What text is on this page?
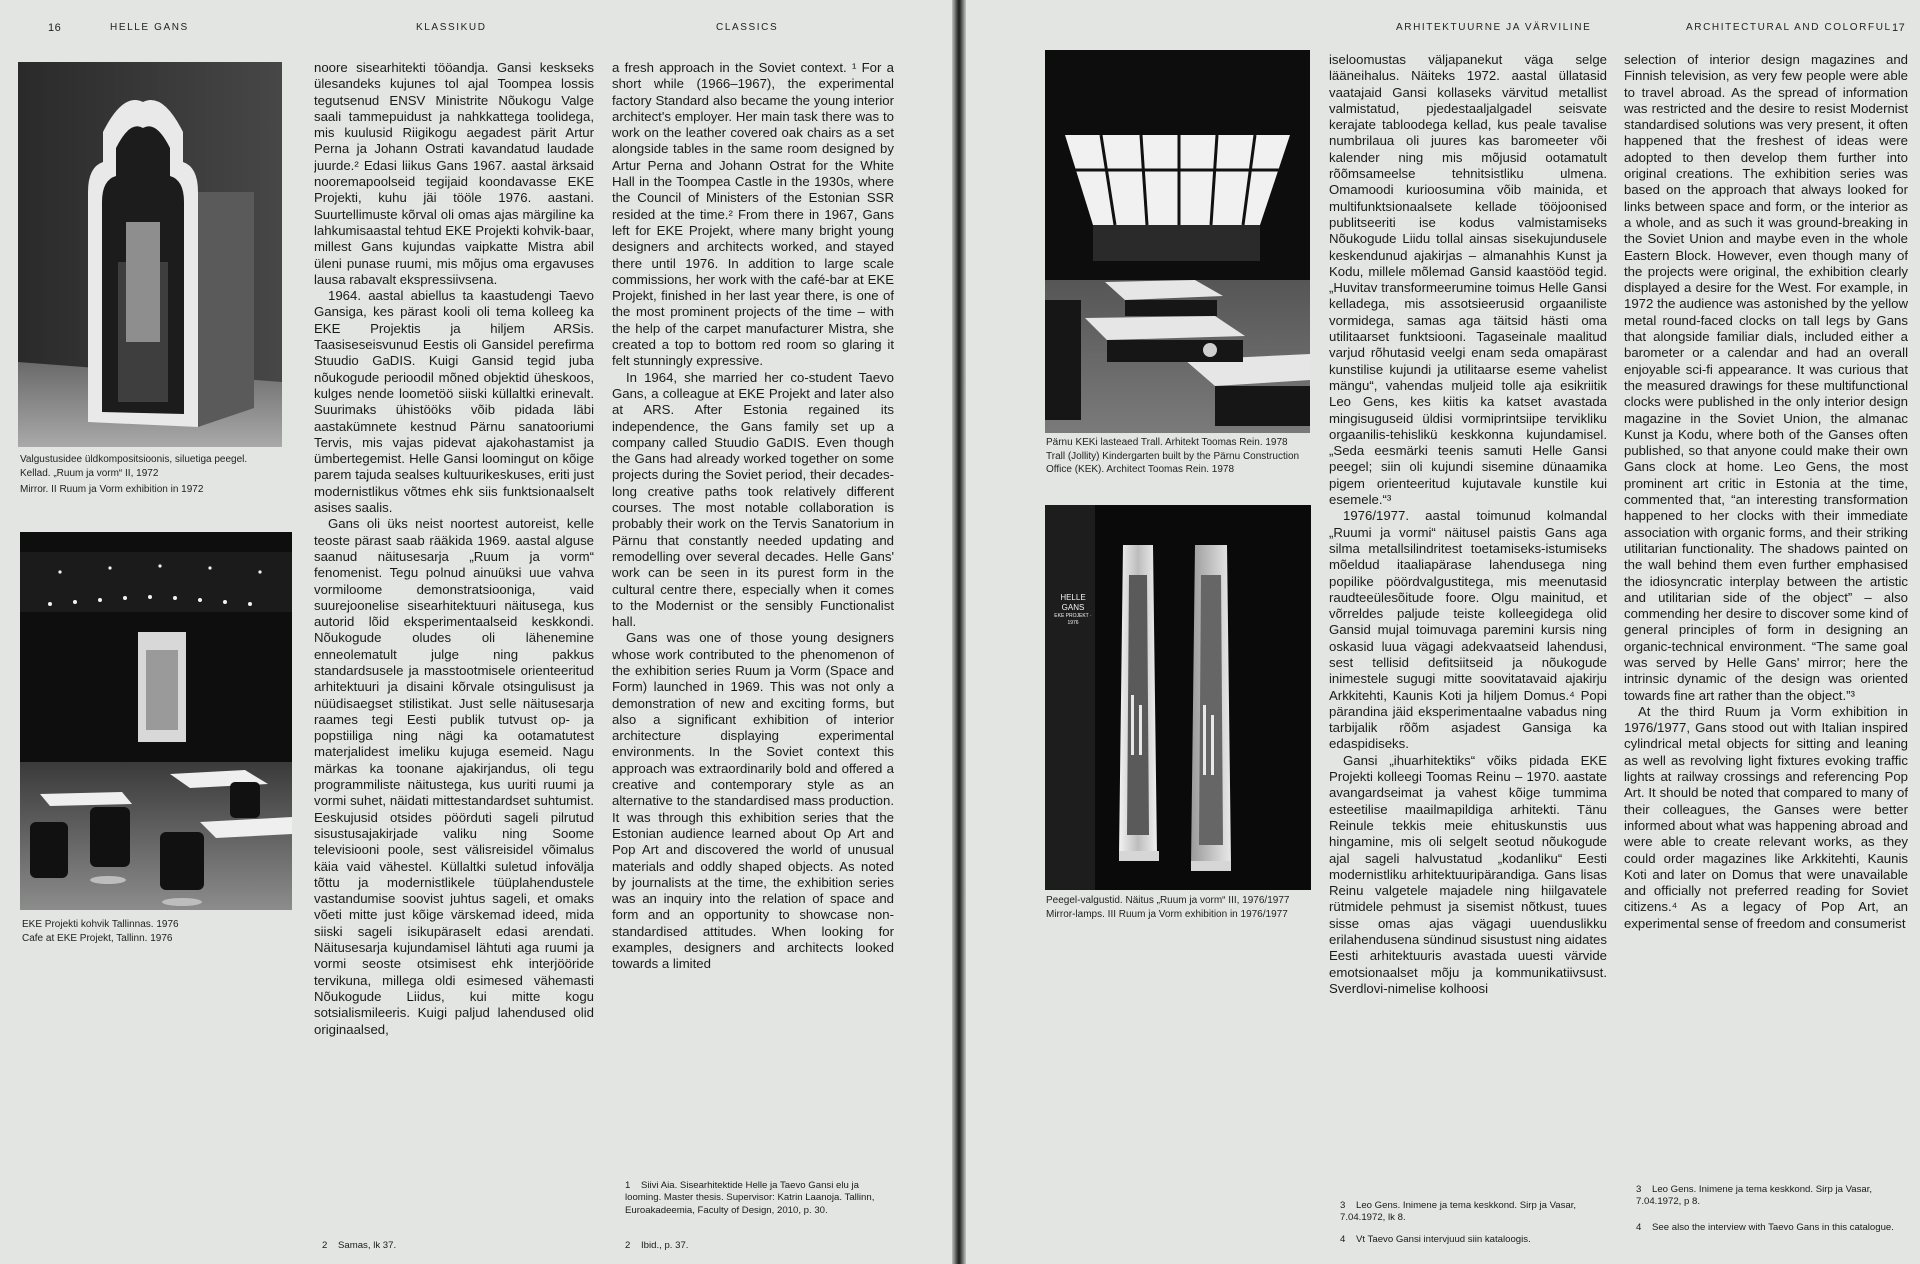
16	HELLE GANS	KLASSIKUD	CLASSICS
Valgustusidee üldkompositsioonis, siluetiga peegel.
Kellad. „Ruum ja vorm“ II, 1972
Mirror. II Ruum ja Vorm exhibition in 1972
EKE Projekti kohvik Tallinnas. 1976
Cafe at EKE Projekt, Tallinn. 1976

noore sisearhitekti tööandja. Gansi keskseks ülesandeks kujunes tol ajal Toompea lossis tegutsenud ENSV Ministrite Nõukogu Valge saali tammepuidust ja nahkkattega toolidega, mis kuulusid Riigikogu aegadest pärit Artur Perna ja Johann Ostrati kavandatud laudade juurde.² Edasi liikus Gans 1967. aastal ärksaid nooremapoolseid tegijaid koondavasse EKE Projekti, kuhu jäi tööle 1976. aastani. Suurtellimuste kõrval oli omas ajas märgiline ka lahkumisaastal tehtud EKE Projekti kohvik-baar, millest Gans kujundas vaipkatte Mistra abil üleni punase ruumi, mis mõjus oma ergavuses lausa rabavalt ekspressiivsena.

1964. aastal abiellus ta kaastudengi Taevo Gansiga, kes pärast kooli oli tema kolleeg ka EKE Projektis ja hiljem ARSis. Taasiseseisvunud Eestis oli Gansidel pereﬁrma Stuudio GaDIS. Kuigi Gansid tegid juba nõukogude perioodil mõned objektid üheskoos, kulges nende loometöö siiski küllaltki erinevalt. Suurimaks ühistööks võib pidada läbi aastakümnete kestnud Pärnu sanatooriumi Tervis, mis vajas pidevat ajakohastamist ja ümbertegemist. Helle Gansi loomingut on kõige parem tajuda sealses kultuurikeskuses, eriti just modernistlikus võtmes ehk siis funktsionaalselt asises saalis.

Gans oli üks neist noortest autoreist, kelle teoste pärast saab rääkida 1969. aastal alguse saanud näitusesarja „Ruum ja vorm“ fenomenist. Tegu polnud ainuüksi uue vahva vormiloome demonstratsiooniga, vaid suurejoonelise sisearhitektuuri näitusega, kus autorid lõid eksperimentaalseid keskkondi. Nõukogude oludes oli lähenemine enneolematult julge ning pakkus standardsusele ja masstootmisele orienteeritud arhitektuuri ja disaini kõrvale otsingulisust ja nüüdisaegset stilistikat. Just selle näitusesarja raames tegi Eesti publik tutvust op- ja popstiiliga ning nägi ka ootamatutest materjalidest imeliku kujuga esemeid. Nagu märkas ka toonane ajakirjandus, oli tegu programmiliste näitustega, kus uuriti ruumi ja vormi suhet, näidati mittestandardset suhtumist. Eeskujusid otsides pöörduti sageli pilrutud sisustusajakirjade valiku ning Soome televisiooni poole, sest välisreisidel võimalus käia vaid vähestel. Küllaltki suletud infoväljа tõttu ja modernistlikele tüüplahendustele vastandumise soovist juhtus sageli, et omaks võeti mitte just kõige värskemad ideed, mida siiski sageli isikupäraselt edasi arendati. Näitusesarja kujundamisel lähtuti aga ruumi ja vormi seoste otsimisest ehk interjööride tervikuna, millega oldi esimesed vähemasti Nõukogude Liidus, kui mitte kogu sotsialismileeris. Kuigi paljud lahendused olid originaalsed,

2 Samas, lk 37.

a fresh approach in the Soviet context. ¹ For a short while (1966–1967), the experimental factory Standard also became the young interior architect's employer. Her main task there was to work on the leather covered oak chairs as a set alongside tables in the same room designed by Artur Perna and Johann Ostrat for the White Hall in the Toompea Castle in the 1930s, where the Council of Ministers of the Estonian SSR resided at the time.² From there in 1967, Gans left for EKE Projekt, where many bright young designers and architects worked, and stayed there until 1976. In addition to large scale commissions, her work with the café-bar at EKE Projekt, ﬁnished in her last year there, is one of the most prominent projects of the time – with the help of the carpet manufacturer Mistra, she created a top to bottom red room so glaring it felt stunningly expressive.

In 1964, she married her co-student Taevo Gans, a colleague at EKE Projekt and later also at ARS. After Estonia regained its independence, the Gans family set up a company called Stuudio GaDIS. Even though the Gans had already worked together on some projects during the Soviet period, their decades-long creative paths took relatively different courses. The most notable collaboration is probably their work on the Tervis Sanatorium in Pärnu that constantly needed updating and remodelling over several decades. Helle Gans' work can be seen in its purest form in the cultural centre there, especially when it comes to the Modernist or the sensibly Functionalist hall.

Gans was one of those young designers whose work contributed to the phenomenon of the exhibition series Ruum ja Vorm (Space and Form) launched in 1969. This was not only a demonstration of new and exciting forms, but also a signiﬁcant exhibition of interior architecture displaying experimental environments. In the Soviet context this approach was extraordinarily bold and offered a creative and contemporary style as an alternative to the standardised mass production. It was through this exhibition series that the Estonian audience learned about Op Art and Pop Art and discovered the world of unusual materials and oddly shaped objects. As noted by journalists at the time, the exhibition series was an inquiry into the relation of space and form and an opportunity to showcase non-standardised attitudes. When looking for examples, designers and architects looked towards a limited

1 Siivi Aia. Sisearhitektide Helle ja Taevo Gansi elu ja looming. Master thesis. Supervisor: Katrin Laanoja. Tallinn, Euroakadeemia, Faculty of Design, 2010, p. 30.
2 Ibid., p. 37.
ARHITEKTUURNE JA VÄRVILINE	ARCHITECTURAL AND COLORFUL 17
Pärnu KEKi lasteaed Trall. Arhitekt Toomas Rein. 1978
Trall (Jollity) Kindergarten built by the Pärnu Construction
Office (KEK). Architect Toomas Rein. 1978
HELLE GANS
EKE PROJEKT · 1976
Peegel-valgustid. Näitus „Ruum ja vorm“ III, 1976/1977
Mirror-lamps. III Ruum ja Vorm exhibition in 1976/1977

iseloomustas väljapanekut väga selge lääneihalus. Näiteks 1972. aastal üllatasid vaatajaid Gansi kollaseks värvitud metallist valmistatud, pjedestaaljalgadel seisvate kerajate tabloodega kellad, kus peale tavalise numbrilaua oli juures kas baromeeter või kalender ning mis mõjusid ootamatult rõõmsameelse tehnitsistliku ulmena. Omamoodi kurioosumina võib mainida, et multifunktsionaalsete kellade tööjoonised publitseeriti ise kodus valmistamiseks Nõukogude Liidu tollal ainsas sisekujundusele keskendunud ajakirjas – almanahhis Kunst ja Kodu, millele mõlemad Gansid kaastööd tegid. „Huvitav transformeerumine toimus Helle Gansi kelladega, mis assotsieerusid orgaaniliste vormidega, samas aga täitsid hästi oma utilitaarset funktsiooni. Tagaseinale maalitud varjud rõhutasid veelgi enam seda omapärast kunstilise kujundi ja utilitaarse eseme vahelist mängu“, vahendas muljeid tolle aja esikriitik Leo Gens, kes kiitis ka katset avastada mingisuguseid üldisi vormiprintsiipe tervikliku orgaanilis-tehislikü keskkonna kujundamisel. „Seda eesmärki teenis samuti Helle Gansi peegel; siin oli kujundi sisemine dünaamika pigem orienteeritud kujutavale kunstile kui esemele.“³

1976/1977. aastal toimunud kolmandal „Ruumi ja vormi“ näitusel paistis Gans aga silma metallsilindritest toetamiseks-istumiseks mõeldud itaaliapärase lahendusega ning popilike pöördvalgustitega, mis meenutasid raudteeülesõitude foore. Olgu mainitud, et võrreldes paljude teiste kolleegidega olid Gansid mujal toimuvaga paremini kursis ning oskasid luua vägagi adekvaatseid lahendusi, sest tellisid defitsiitseid ja nõukogude inimestele sugugi mitte soovitatavaid ajakirju Arkkitehti, Kaunis Koti ja hiljem Domus.⁴ Popi pärandina jäid eksperimentaalne vabadus ning tarbijalik rõõm asjadest Gansiga ka edaspidiseks.

Gansi „ihuarhitektiks“ võiks pidada EKE Projekti kolleegi Toomas Reinu – 1970. aastate avangardseimat ja vahest kõige tummima esteetilise maailmapildiga arhitekti. Tänu Reinule tekkis meie ehituskunstis uus hingamine, mis oli selgelt seotud nõukogude ajal sageli halvustatud „kodanliku“ Eesti modernistliku arhitektuuripärandiga. Gans lisas Reinu valgetele majadele ning hiilgavatele rütmidele pehmust ja sisemist nõtkust, tuues sisse omas ajas vägagi uuenduslikku erilahendusena sündinud sisustust ning aidates Eesti arhitektuuris avastada uuesti värvide emotsionaalset mõju ja kommunikatiivsust. Sverdlovi-nimelise kolhoosi

3 Leo Gens. Inimene ja tema keskkond. Sirp ja Vasar, 7.04.1972, lk 8.
4 Vt Taevo Gansi intervjuud siin kataloogis.

selection of interior design magazines and Finnish television, as very few people were able to travel abroad. As the spread of information was restricted and the desire to resist Modernist standardised solutions was very present, it often happened that the freshest of ideas were adopted to then develop them further into original creations. The exhibition series was based on the approach that always looked for links between space and form, or the interior as a whole, and as such it was ground-breaking in the Soviet Union and maybe even in the whole Eastern Block. However, even though many of the projects were original, the exhibition clearly displayed a desire for the West. For example, in 1972 the audience was astonished by the yellow metal round-faced clocks on tall legs by Gans that alongside familiar dials, included either a barometer or a calendar and had an overall enjoyable sci-ﬁ appearance. It was curious that the measured drawings for these multifunctional clocks were published in the only interior design magazine in the Soviet Union, the almanac Kunst ja Kodu, where both of the Ganses often published, so that anyone could make their own Gans clock at home. Leo Gens, the most prominent art critic in Estonia at the time, commented that, “an interesting transformation happened to her clocks with their immediate association with organic forms, and their striking utilitarian functionality. The shadows painted on the wall behind them even further emphasised the idiosyncratic interplay between the artistic and utilitarian side of the object” – also commending her desire to discover some kind of general principles of form in designing an organic-technical environment. “The same goal was served by Helle Gans' mirror; here the intrinsic dynamic of the design was oriented towards ﬁne art rather than the object.”³

At the third Ruum ja Vorm exhibition in 1976/1977, Gans stood out with Italian inspired cylindrical metal objects for sitting and leaning as well as revolving light ﬁxtures evoking trafﬁc lights at railway crossings and referencing Pop Art. It should be noted that compared to many of their colleagues, the Ganses were better informed about what was happening abroad and were able to create relevant works, as they could order magazines like Arkkitehti, Kaunis Koti and later on Domus that were unavailable and ofﬁcially not preferred reading for Soviet citizens.⁴ As a legacy of Pop Art, an experimental sense of freedom and consumerist

3 Leo Gens. Inimene ja tema keskkond. Sirp ja Vasar, 7.04.1972, p 8.
4 See also the interview with Taevo Gans in this catalogue.
